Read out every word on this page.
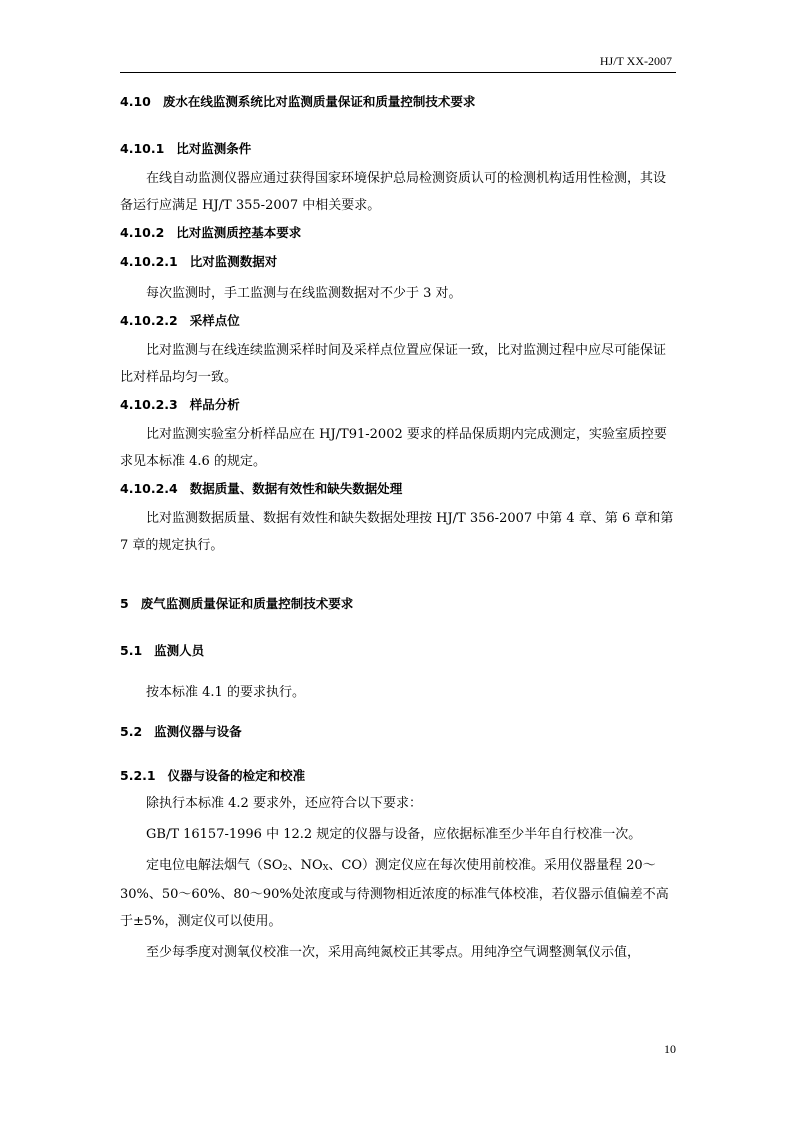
HJ/T XX-2007
4.10 废水在线监测系统比对监测质量保证和质量控制技术要求
4.10.1 比对监测条件
在线自动监测仪器应通过获得国家环境保护总局检测资质认可的检测机构适用性检测，其设备运行应满足 HJ/T 355-2007 中相关要求。
4.10.2 比对监测质控基本要求
4.10.2.1 比对监测数据对
每次监测时，手工监测与在线监测数据对不少于 3 对。
4.10.2.2 采样点位
比对监测与在线连续监测采样时间及采样点位置应保证一致，比对监测过程中应尽可能保证比对样品均匀一致。
4.10.2.3 样品分析
比对监测实验室分析样品应在 HJ/T91-2002 要求的样品保质期内完成测定，实验室质控要求见本标准 4.6 的规定。
4.10.2.4 数据质量、数据有效性和缺失数据处理
比对监测数据质量、数据有效性和缺失数据处理按 HJ/T 356-2007 中第 4 章、第 6 章和第 7 章的规定执行。
5 废气监测质量保证和质量控制技术要求
5.1 监测人员
按本标准 4.1 的要求执行。
5.2 监测仪器与设备
5.2.1 仪器与设备的检定和校准
除执行本标准 4.2 要求外，还应符合以下要求：
GB/T 16157-1996 中 12.2 规定的仪器与设备，应依据标准至少半年自行校准一次。
定电位电解法烟气（$SO_2$、$NO_X$、CO）测定仪应在每次使用前校准。采用仪器量程 20～30%、50～60%、80～90%处浓度或与待测物相近浓度的标准气体校准，若仪器示值偏差不高于±5%，测定仪可以使用。
至少每季度对测氧仪校准一次，采用高纯氮校正其零点。用纯净空气调整测氧仪示值，
10
